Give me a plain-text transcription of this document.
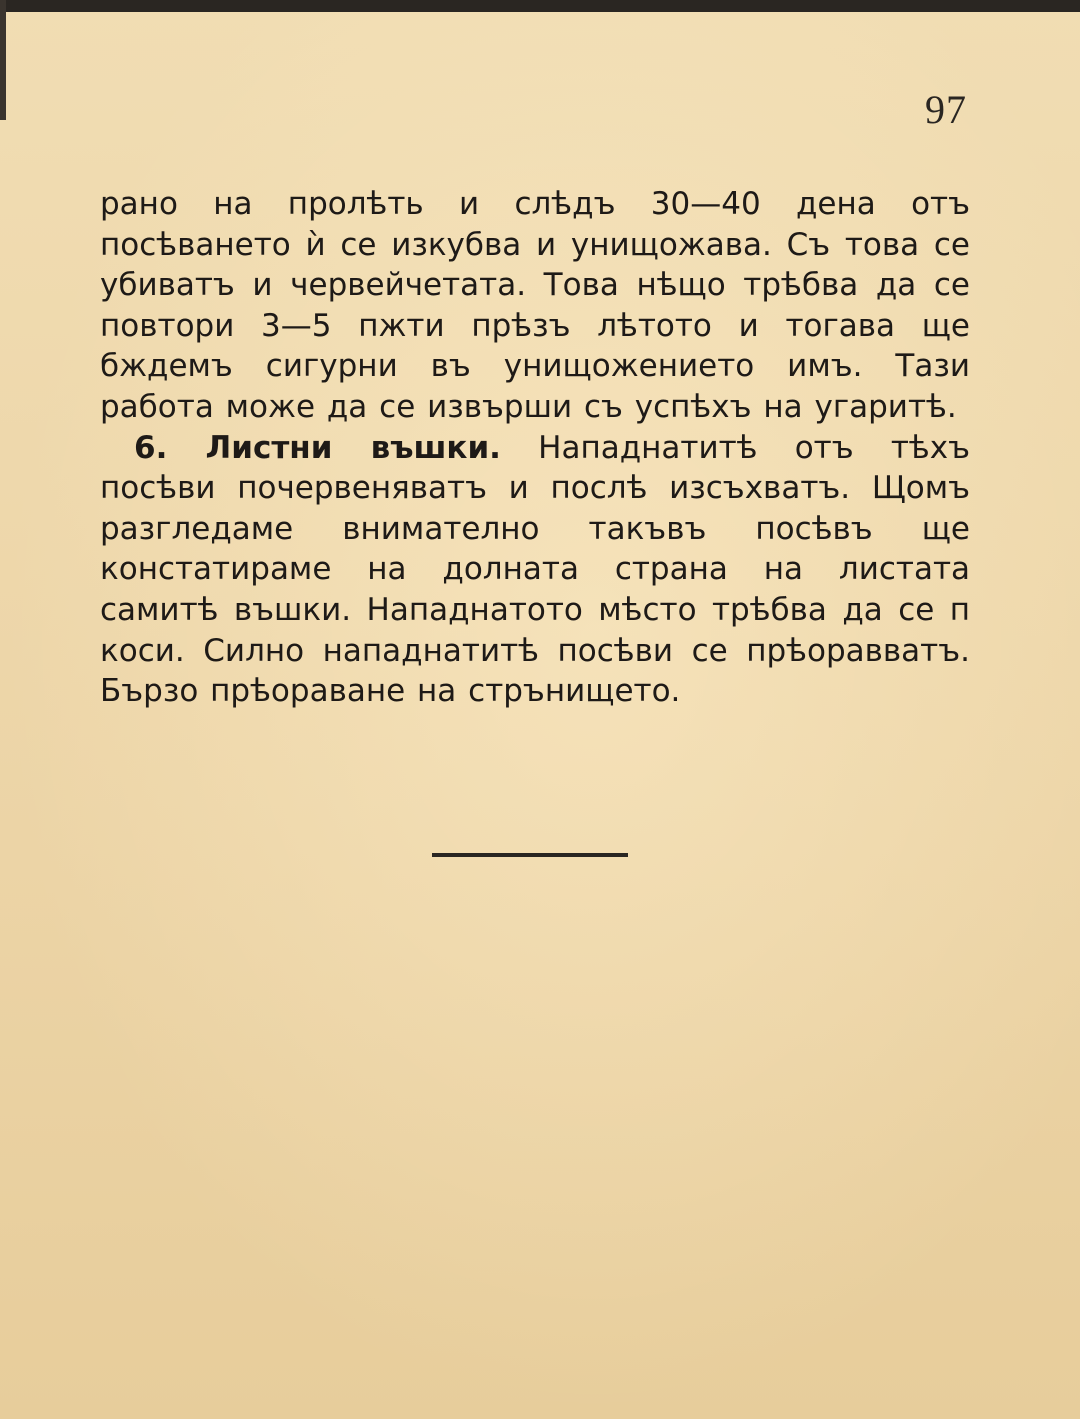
97

рано на пролѣть и слѣдъ 30—40 дена отъ посѣването ѝ се изкубва и унищожава. Съ това се убиватъ и червейчетата. Това нѣщо трѣбва да се повтори 3—5 пжти прѣзъ лѣтото и тогава ще бждемъ сигурни въ унищожението имъ. Тази работа може да се извърши съ успѣхъ на угаритѣ.

6. Листни въшки. Нападнатитѣ отъ тѣхъ посѣви почервеняватъ и послѣ изсъхватъ. Щомъ разгледаме внимателно такъвъ посѣвъ ще констатираме на долната страна на листата самитѣ въшки. Нападнатото мѣсто трѣбва да се п коси. Силно нападнатитѣ посѣви се прѣоравватъ. Бързо прѣораване на стрънището.
